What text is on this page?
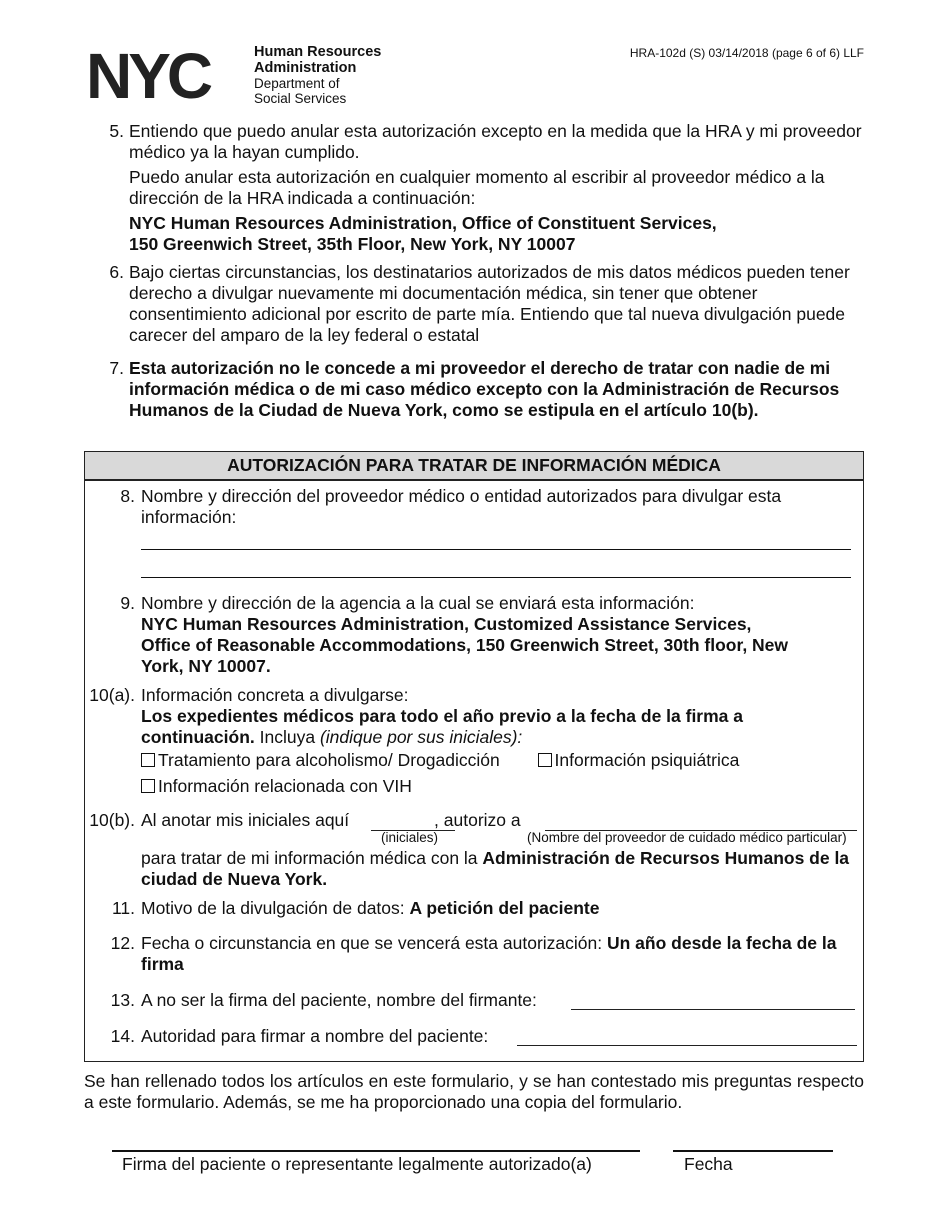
NYC	Human Resources
Administration
Department of
Social Services
HRA-102d (S) 03/14/2018 (page 6 of 6) LLF
5. Entiendo que puedo anular esta autorización excepto en la medida que la HRA y mi proveedor médico ya la hayan cumplido.
Puedo anular esta autorización en cualquier momento al escribir al proveedor médico a la dirección de la HRA indicada a continuación:
NYC Human Resources Administration, Office of Constituent Services,
150 Greenwich Street, 35th Floor, New York, NY 10007
6. Bajo ciertas circunstancias, los destinatarios autorizados de mis datos médicos pueden tener derecho a divulgar nuevamente mi documentación médica, sin tener que obtener consentimiento adicional por escrito de parte mía. Entiendo que tal nueva divulgación puede carecer del amparo de la ley federal o estatal
7. Esta autorización no le concede a mi proveedor el derecho de tratar con nadie de mi información médica o de mi caso médico excepto con la Administración de Recursos Humanos de la Ciudad de Nueva York, como se estipula en el artículo 10(b).
AUTORIZACIÓN PARA TRATAR DE INFORMACIÓN MÉDICA
8. Nombre y dirección del proveedor médico o entidad autorizados para divulgar esta información:
9. Nombre y dirección de la agencia a la cual se enviará esta información:
NYC Human Resources Administration, Customized Assistance Services, Office of Reasonable Accommodations, 150 Greenwich Street, 30th floor, New York, NY 10007.
10(a). Información concreta a divulgarse:
Los expedientes médicos para todo el año previo a la fecha de la firma a continuación. Incluya (indique por sus iniciales):
Tratamiento para alcoholismo/ Drogadicción	Información psiquiátrica
Información relacionada con VIH
10(b). Al anotar mis iniciales aquí	, autorizo a
(iniciales)	(Nombre del proveedor de cuidado médico particular)
para tratar de mi información médica con la Administración de Recursos Humanos de la ciudad de Nueva York.
11. Motivo de la divulgación de datos: A petición del paciente
12. Fecha o circunstancia en que se vencerá esta autorización: Un año desde la fecha de la firma
13. A no ser la firma del paciente, nombre del firmante:
14. Autoridad para firmar a nombre del paciente:
Se han rellenado todos los artículos en este formulario, y se han contestado mis preguntas respecto a este formulario. Además, se me ha proporcionado una copia del formulario.
Firma del paciente o representante legalmente autorizado(a)	Fecha
